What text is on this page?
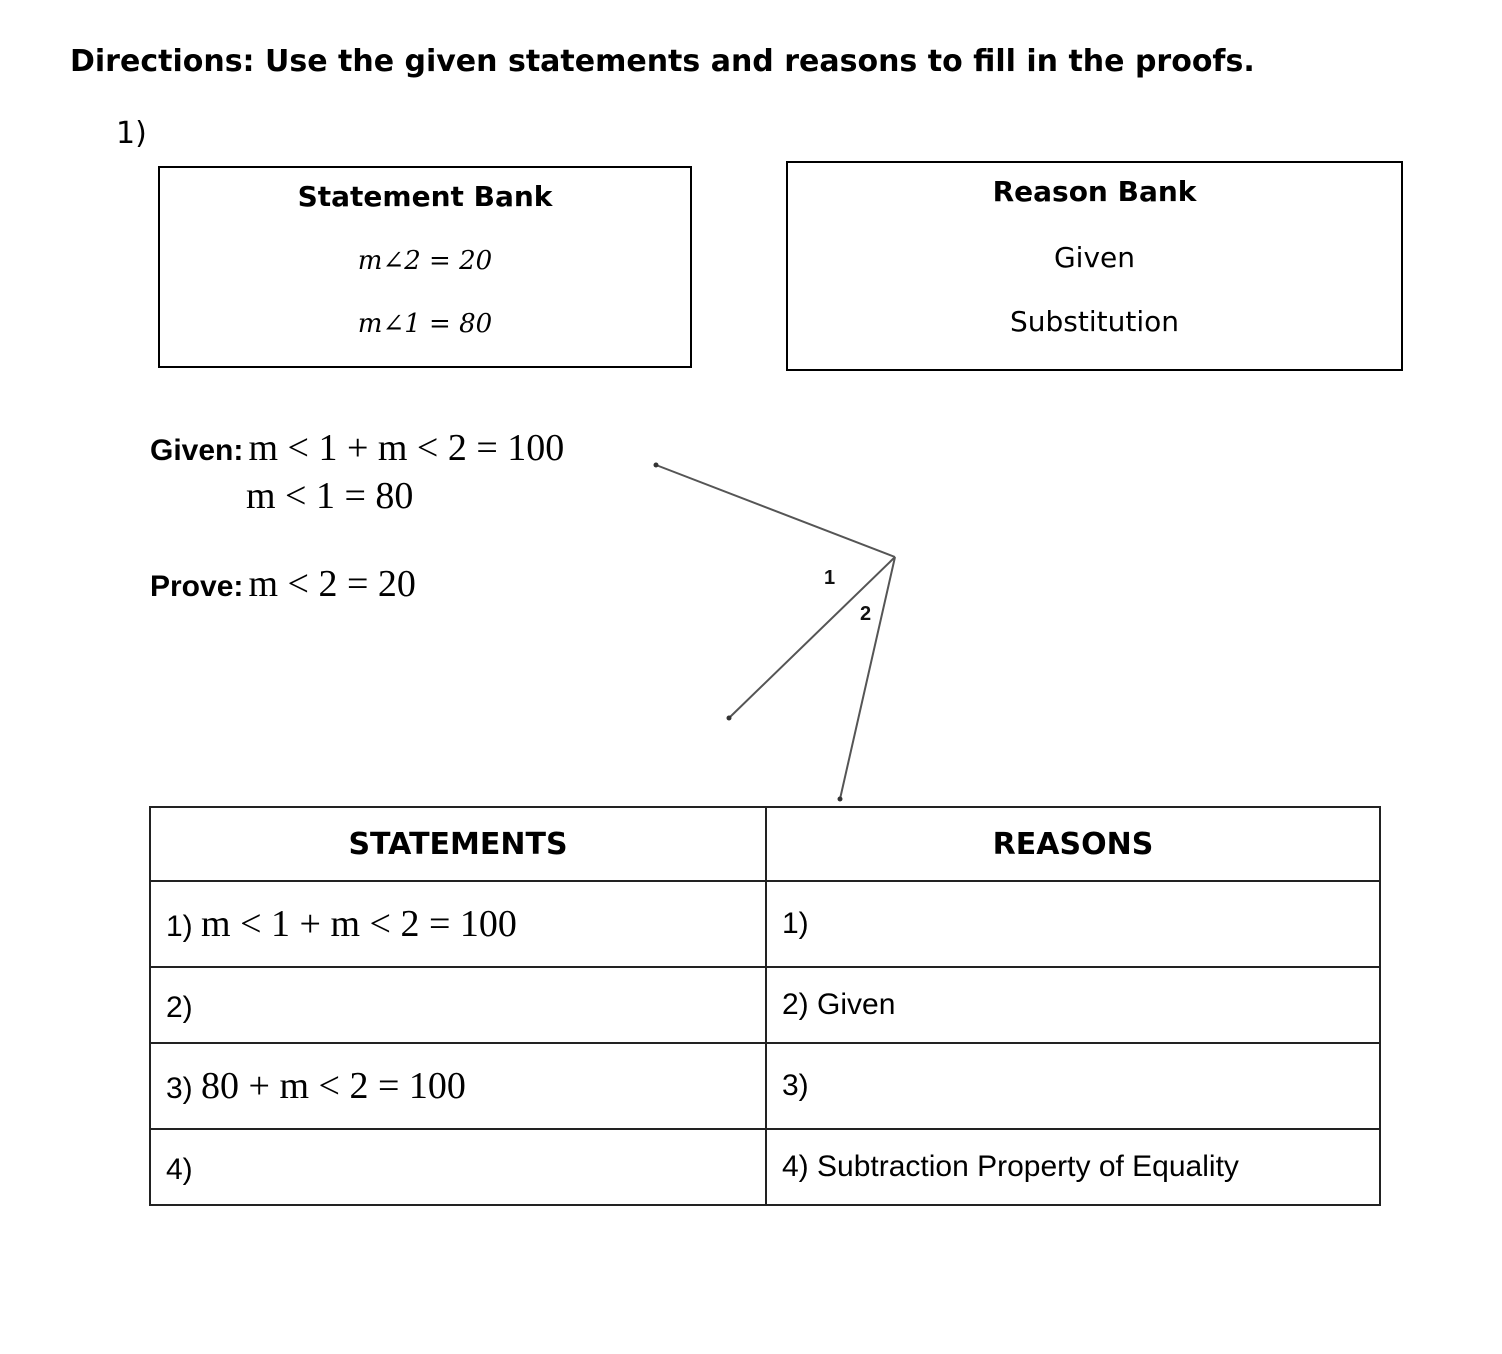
Directions: Use the given statements and reasons to fill in the proofs.
1)
Statement Bank
m∠2 = 20
m∠1 = 80
Reason Bank
Given
Substitution
Given: m < 1 + m < 2 = 100
m < 1 = 80
Prove: m < 2 = 20	1
2
STATEMENTS	REASONS
1) m < 1 + m < 2 = 100	1)
2)	2) Given
3) 80 + m < 2 = 100	3)
4)	4) Subtraction Property of Equality
